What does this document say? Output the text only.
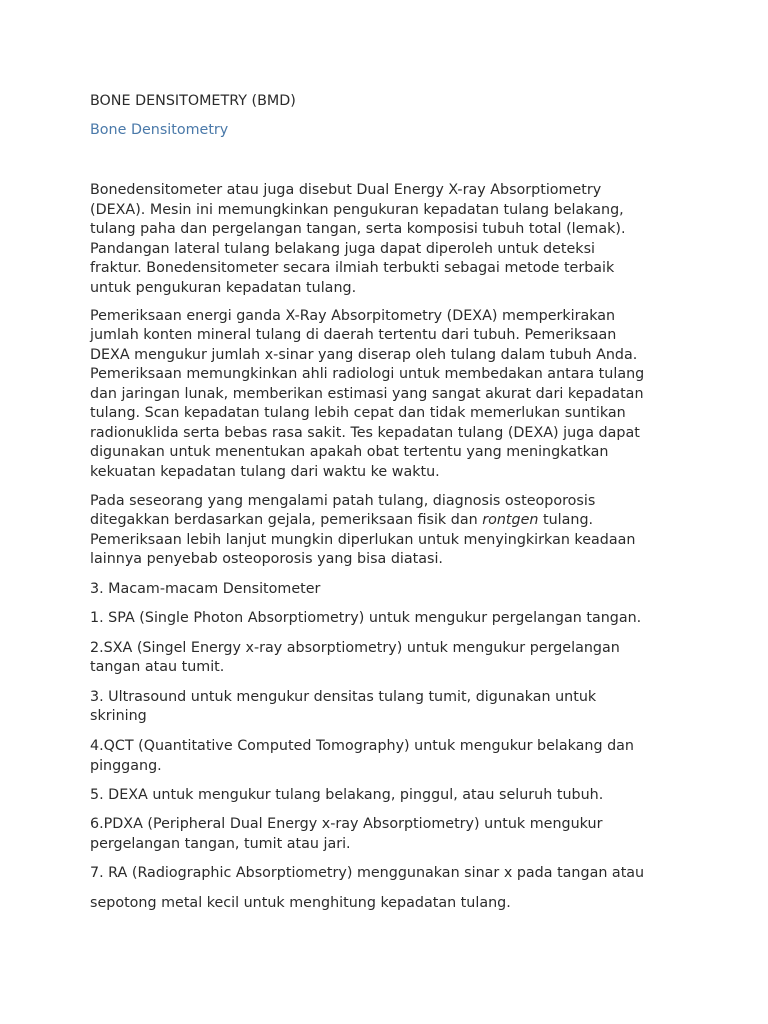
BONE DENSITOMETRY (BMD)
Bone Densitometry
Bonedensitometer atau juga disebut Dual Energy X-ray Absorptiometry
(DEXA). Mesin ini memungkinkan pengukuran kepadatan tulang belakang,
tulang paha dan pergelangan tangan, serta komposisi tubuh total (lemak).
Pandangan lateral tulang belakang juga dapat diperoleh untuk deteksi
fraktur. Bonedensitometer secara ilmiah terbukti sebagai metode terbaik
untuk pengukuran kepadatan tulang.
Pemeriksaan energi ganda X-Ray Absorpitometry (DEXA) memperkirakan
jumlah konten mineral tulang di daerah tertentu dari tubuh. Pemeriksaan
DEXA mengukur jumlah x-sinar yang diserap oleh tulang dalam tubuh Anda.
Pemeriksaan memungkinkan ahli radiologi untuk membedakan antara tulang
dan jaringan lunak, memberikan estimasi yang sangat akurat dari kepadatan
tulang. Scan kepadatan tulang lebih cepat dan tidak memerlukan suntikan
radionuklida serta bebas rasa sakit. Tes kepadatan tulang (DEXA) juga dapat
digunakan untuk menentukan apakah obat tertentu yang meningkatkan
kekuatan kepadatan tulang dari waktu ke waktu.
Pada seseorang yang mengalami patah tulang, diagnosis osteoporosis
ditegakkan berdasarkan gejala, pemeriksaan fisik dan rontgen tulang.
Pemeriksaan lebih lanjut mungkin diperlukan untuk menyingkirkan keadaan
lainnya penyebab osteoporosis yang bisa diatasi.
3. Macam-macam Densitometer
1. SPA (Single Photon Absorptiometry) untuk mengukur pergelangan tangan.
2.SXA (Singel Energy x-ray absorptiometry) untuk mengukur pergelangan
tangan atau tumit.
3. Ultrasound untuk mengukur densitas tulang tumit, digunakan untuk
skrining
4.QCT (Quantitative Computed Tomography) untuk mengukur belakang dan
pinggang.
5. DEXA untuk mengukur tulang belakang, pinggul, atau seluruh tubuh.
6.PDXA (Peripheral Dual Energy x-ray Absorptiometry) untuk mengukur
pergelangan tangan, tumit atau jari.
7. RA (Radiographic Absorptiometry) menggunakan sinar x pada tangan atau
sepotong metal kecil untuk menghitung kepadatan tulang.
